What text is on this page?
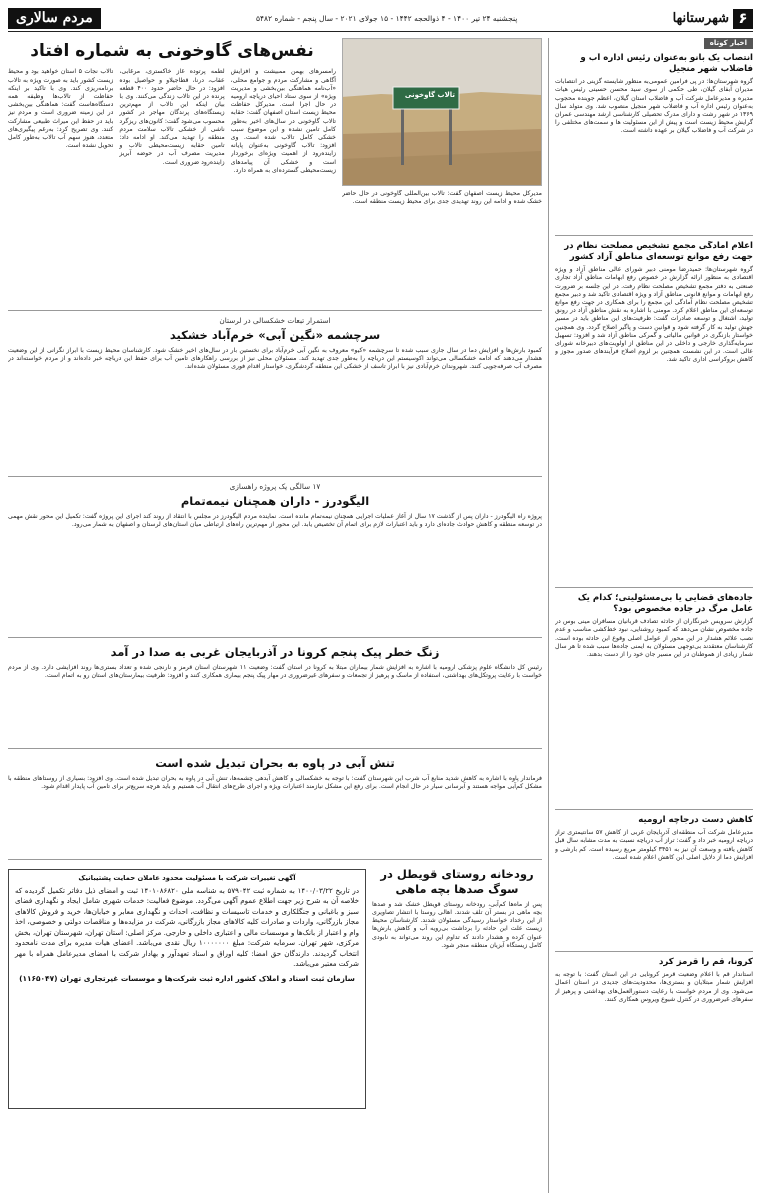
۶
شهرستانها
پنجشنبه ۲۴ تیر ۱۴۰۰ - ۴ ذوالحجه ۱۴۴۲ - ۱۵ جولای ۲۰۲۱ - سال پنجم - شماره ۵۴۸۲
مردم سالاری
اخبار کوتاه
انتصاب یک بانو به‌عنوان رئیس اداره آب و فاضلاب شهر منجیل
گروه شهرستان‌ها: در پی فرامین عمومی‌به منظور شایسته گزینی در انتصابات مدیران آبفای گیلان، طی حکمی از سوی سید محسن حسینی رئیس هیات مدیره و مدیرعامل شرکت آب و فاضلاب استان گیلان، اعظم جوینده محجوب به‌عنوان رئیس اداره آب و فاضلاب شهر منجیل منصوب شد. وی متولد سال ۱۳۶۹ در شهر رشت و دارای مدرک تحصیلی کارشناسی ارشد مهندسی عمران گرایش محیط زیست است و پیش از این مسئولیت ها و سمت‌های مختلفی را در شرکت آب و فاضلاب گیلان بر عهده داشته است.
اعلام آمادگی مجمع تشخیص مصلحت نظام در جهت رفع موانع توسعه‌ای مناطق آزاد کشور
گروه شهرستان‌ها: حمیدرضا مومنی دبیر شورای عالی مناطق آزاد و ویژه اقتصادی به منظور ارائه گزارش در خصوص رفع ابهامات مناطق آزاد تجاری صنعتی به دفتر مجمع تشخیص مصلحت نظام رفت. در این جلسه بر ضرورت رفع ابهامات و موانع قانونی مناطق آزاد و ویژه اقتصادی تاکید شد و دبیر مجمع تشخیص مصلحت نظام آمادگی این مجمع را برای همکاری در جهت رفع موانع توسعه‌ای این مناطق اعلام کرد. مومنی با اشاره به نقش مناطق آزاد در رونق تولید، اشتغال و توسعه صادرات گفت: ظرفیت‌های این مناطق باید در مسیر جهش تولید به کار گرفته شود و قوانین دست و پاگیر اصلاح گردد. وی همچنین خواستار بازنگری در قوانین مالیاتی و گمرکی مناطق آزاد شد و افزود: تسهیل سرمایه‌گذاری خارجی و داخلی در این مناطق از اولویت‌های دبیرخانه شورای عالی است. در این نشست همچنین بر لزوم اصلاح فرآیندهای صدور مجوز و کاهش بروکراسی اداری تاکید شد.
جاده‌های قضایی یا بی‌مسئولیتی؛ کدام یک عامل مرگ در جاده مخصوص بود؟
گزارش سرویس خبرنگاران از حادثه تصادف قربانیان مسافران مینی بوس در جاده مخصوص نشان می‌دهد که کمبود روشنایی، نبود خط‌کشی مناسب و عدم نصب علائم هشدار در این محور از عوامل اصلی وقوع این حادثه بوده است. کارشناسان معتقدند بی‌توجهی مسئولان به ایمنی جاده‌ها سبب شده تا هر سال شمار زیادی از هموطنان در این مسیر جان خود را از دست بدهند.
کاهش دست درجاچه ارومیه
مدیرعامل شرکت آب منطقه‌ای آذربایجان غربی از کاهش ۵۷ سانتیمتری تراز دریاچه ارومیه خبر داد و گفت: تراز آب دریاچه نسبت به مدت مشابه سال قبل کاهش یافته و وسعت آن نیز به ۳۴۵۱ کیلومتر مربع رسیده است. کم بارشی و افزایش دما از دلایل اصلی این کاهش اعلام شده است.
کرونا، قم را قرمز کرد
استاندار قم با اعلام وضعیت قرمز کرونایی در این استان گفت: با توجه به افزایش شمار مبتلایان و بستری‌ها، محدودیت‌های جدیدی در استان اعمال می‌شود. وی از مردم خواست با رعایت دستورالعمل‌های بهداشتی و پرهیز از سفرهای غیرضروری در کنترل شیوع ویروس همکاری کنند.
تالاب گاوخونی
مدیرکل محیط زیست اصفهان گفت: تالاب بین‌المللی گاوخونی در حال حاضر خشک شده و ادامه این روند تهدیدی جدی برای محیط زیست منطقه است.
نفس‌های گاوخونی به شماره افتاد
رامسرهای بهمن ممبیشت و افزایش آگاهی و مشارکت مردم و جوامع محلی، «آب‌نامه هماهنگی بین‌بخشی و مدیریت ویژه» از سوی ستاد احیای دریاچه ارومیه در حال اجرا است. مدیرکل حفاظت محیط زیست استان اصفهان گفت: حقابه تالاب گاوخونی در سال‌های اخیر به‌طور کامل تامین نشده و این موضوع سبب خشکی کامل تالاب شده است. وی افزود: تالاب گاوخونی به‌عنوان پایانه زاینده‌رود از اهمیت ویژه‌ای برخوردار است و خشکی آن پیامدهای زیست‌محیطی گسترده‌ای به همراه دارد.
لطمه پرتوده غاز خاکستری، مرغابی، عقاب، درنا، قطاجیلاو و حواصیل بوده افزود: در حال حاضر حدود ۴۰۰ قطعه پرنده در این تالاب زندگی می‌کنند. وی با بیان اینکه این تالاب از مهم‌ترین زیستگاه‌های پرندگان مهاجر در کشور محسوب می‌شود گفت: کانون‌های ریزگرد ناشی از خشکی تالاب سلامت مردم منطقه را تهدید می‌کند. او ادامه داد: تامین حقابه زیست‌محیطی تالاب و مدیریت مصرف آب در حوضه آبریز زاینده‌رود ضروری است.
تالاب نجات ۵ استان خواهید بود و محیط زیست کشور باید به صورت ویژه به تالاب برنامه‌ریزی کند. وی با تاکید بر اینکه حفاظت از تالاب‌ها وظیفه همه دستگاه‌هاست گفت: هماهنگی بین‌بخشی در این زمینه ضروری است و مردم نیز باید در حفظ این میراث طبیعی مشارکت کنند. وی تصریح کرد: به‌رغم پیگیری‌های متعدد، هنوز سهم آب تالاب به‌طور کامل تحویل نشده است.
استمرار تبعات خشکسالی در لرستان
سرچشمه «نگین آبی» خرم‌آباد خشکید
کمبود بارش‌ها و افزایش دما در سال جاری سبب شده تا سرچشمه «کیو» معروف به نگین آبی خرم‌آباد برای نخستین بار در سال‌های اخیر خشک شود. کارشناسان محیط زیست با ابراز نگرانی از این وضعیت هشدار می‌دهند که ادامه خشکسالی می‌تواند اکوسیستم این دریاچه را به‌طور جدی تهدید کند. مسئولان محلی نیز از بررسی راهکارهای تامین آب برای حفظ این دریاچه خبر داده‌اند و از مردم خواسته‌اند در مصرف آب صرفه‌جویی کنند. شهروندان خرم‌آبادی نیز با ابراز تاسف از خشکی این منطقه گردشگری، خواستار اقدام فوری مسئولان شده‌اند.
۱۷ سالگی یک پروژه راهسازی
الیگودرز - داران همچنان نیمه‌تمام
پروژه راه الیگودرز - داران پس از گذشت ۱۷ سال از آغاز عملیات اجرایی همچنان نیمه‌تمام مانده است. نماینده مردم الیگودرز در مجلس با انتقاد از روند کند اجرای این پروژه گفت: تکمیل این محور نقش مهمی در توسعه منطقه و کاهش حوادث جاده‌ای دارد و باید اعتبارات لازم برای اتمام آن تخصیص یابد. این محور از مهم‌ترین راه‌های ارتباطی میان استان‌های لرستان و اصفهان به شمار می‌رود.
زنگ خطر پیک پنجم کرونا در آذربایجان غربی به صدا در آمد
رئیس کل دانشگاه علوم پزشکی ارومیه با اشاره به افزایش شمار بیماران مبتلا به کرونا در استان گفت: وضعیت ۱۱ شهرستان استان قرمز و نارنجی شده و تعداد بستری‌ها روند افزایشی دارد. وی از مردم خواست با رعایت پروتکل‌های بهداشتی، استفاده از ماسک و پرهیز از تجمعات و سفرهای غیرضروری در مهار پیک پنجم بیماری همکاری کنند و افزود: ظرفیت بیمارستان‌های استان رو به اتمام است.
تنش آبی در پاوه به بحران تبدیل شده است
فرماندار پاوه با اشاره به کاهش شدید منابع آب شرب این شهرستان گفت: با توجه به خشکسالی و کاهش آبدهی چشمه‌ها، تنش آبی در پاوه به بحران تبدیل شده است. وی افزود: بسیاری از روستاهای منطقه با مشکل کم‌آبی مواجه هستند و آبرسانی سیار در حال انجام است. برای رفع این مشکل نیازمند اعتبارات ویژه و اجرای طرح‌های انتقال آب هستیم و باید هرچه سریع‌تر برای تامین آب پایدار اقدام شود.
رودخانه روستای قویطل در سوگ صدها بچه ماهی
پس از ماه‌ها کم‌آبی، رودخانه روستای قویطل خشک شد و صدها بچه ماهی در بستر آن تلف شدند. اهالی روستا با انتشار تصاویری از این رخداد خواستار رسیدگی مسئولان شدند. کارشناسان محیط زیست علت این حادثه را برداشت بی‌رویه آب و کاهش بارش‌ها عنوان کرده و هشدار دادند که تداوم این روند می‌تواند به نابودی کامل زیستگاه آبزیان منطقه منجر شود.
آگهی تغییرات شرکت با مسئولیت محدود عاملان حمایت پشتیبانیک
در تاریخ ۱۴۰۰/۰۳/۲۲ به شماره ثبت ۵۷۹۰۴۲ به شناسه ملی ۱۴۰۱۰۸۶۸۲۰ ثبت و امضای ذیل دفاتر تکمیل گردیده که خلاصه آن به شرح زیر جهت اطلاع عموم آگهی می‌گردد. موضوع فعالیت: خدمات شهری شامل ایجاد و نگهداری فضای سبز و باغبانی و جنگلکاری و خدمات تاسیسات و نظافت، احداث و نگهداری معابر و خیابان‌ها، خرید و فروش کالاهای مجاز بازرگانی، واردات و صادرات کلیه کالاهای مجاز بازرگانی، شرکت در مزایده‌ها و مناقصات دولتی و خصوصی، اخذ وام و اعتبار از بانک‌ها و موسسات مالی و اعتباری داخلی و خارجی. مرکز اصلی: استان تهران، شهرستان تهران، بخش مرکزی، شهر تهران. سرمایه شرکت: مبلغ ۱۰۰۰۰۰۰۰ ریال نقدی می‌باشد. اعضای هیات مدیره برای مدت نامحدود انتخاب گردیدند. دارندگان حق امضا: کلیه اوراق و اسناد تعهدآور و بهادار شرکت با امضای مدیرعامل همراه با مهر شرکت معتبر می‌باشد.
سازمان ثبت اسناد و املاک کشور اداره ثبت شرکت‌ها و موسسات غیرتجاری تهران (۱۱۶۵۰۴۷)
